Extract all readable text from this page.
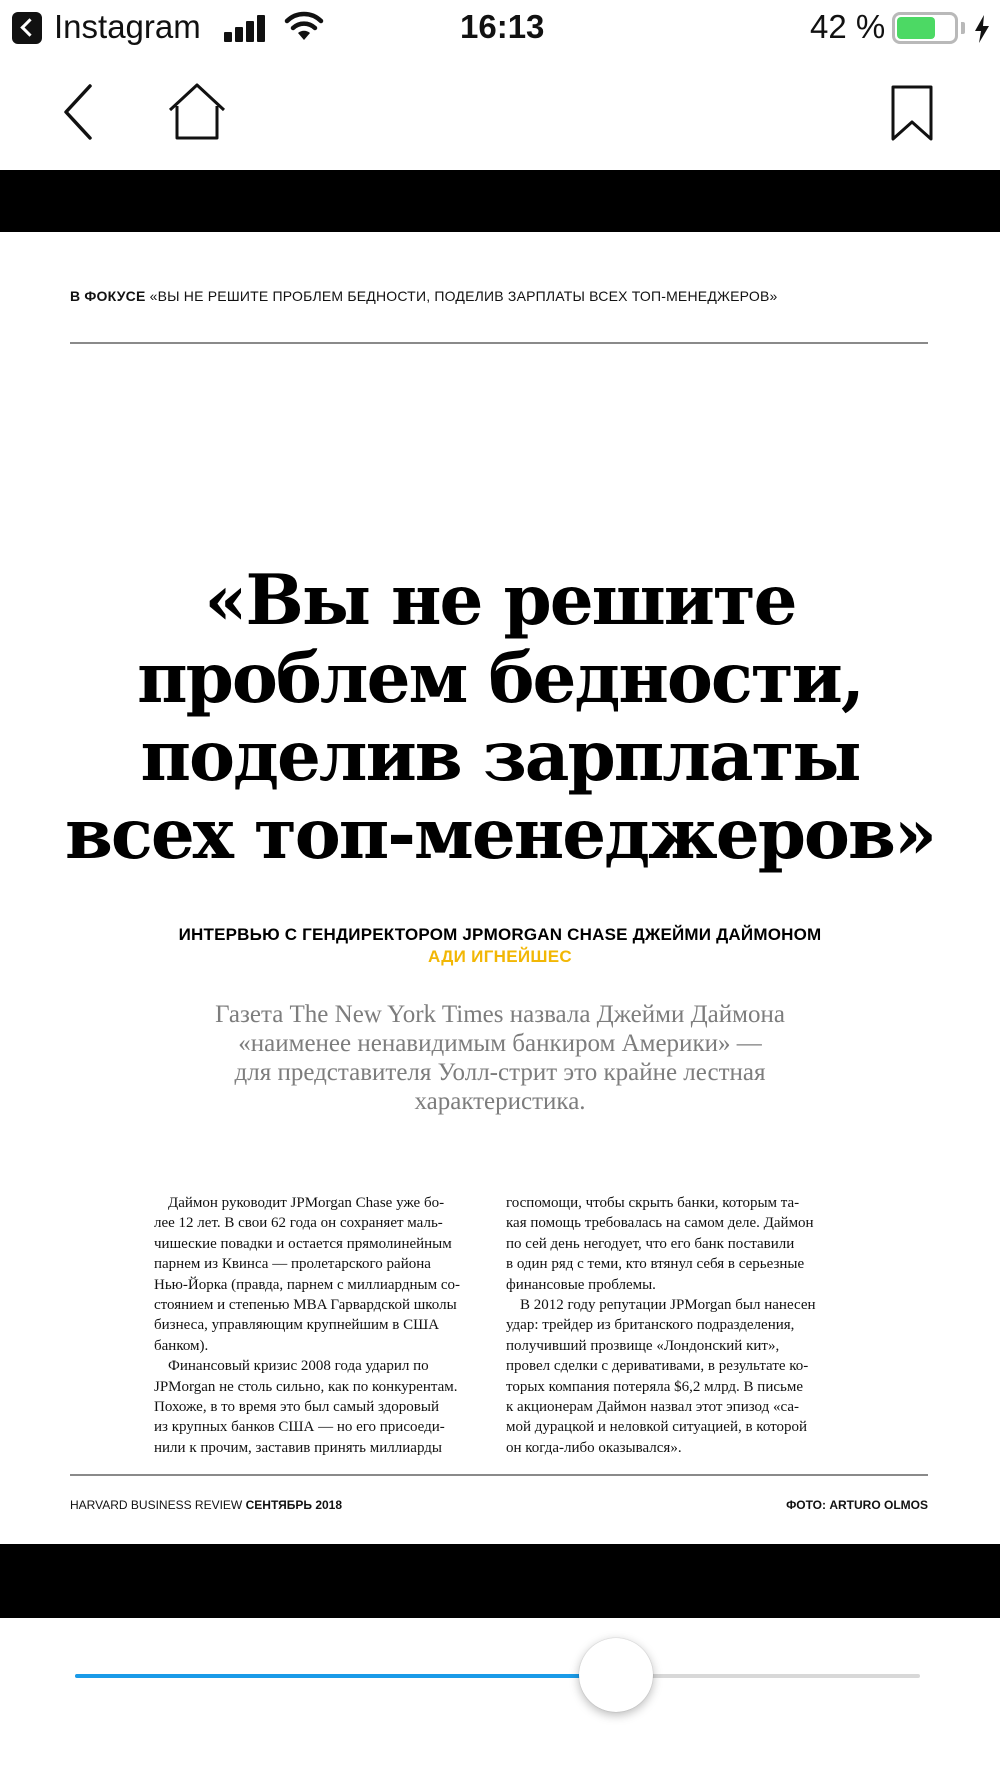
Instagram	16:13	42 %
В ФОКУСЕ «ВЫ НЕ РЕШИТЕ ПРОБЛЕМ БЕДНОСТИ, ПОДЕЛИВ ЗАРПЛАТЫ ВСЕХ ТОП-МЕНЕДЖЕРОВ»
«Вы не решите
проблем бедности,
поделив зарплаты
всех топ-менеджеров»
ИНТЕРВЬЮ С ГЕНДИРЕКТОРОМ JPMORGAN CHASE ДЖЕЙМИ ДАЙМОНОМ
АДИ ИГНЕЙШЕС
Газета The New York Times назвала Джейми Даймона
«наименее ненавидимым банкиром Америки» —
для представителя Уолл-стрит это крайне лестная
характеристика.
Даймон руководит JPMorgan Chase уже бо-
лее 12 лет. В свои 62 года он сохраняет маль-
чишеские повадки и остается прямолинейным
парнем из Квинса — пролетарского района
Нью-Йорка (правда, парнем с миллиардным со-
стоянием и степенью MBA Гарвардской школы
бизнеса, управляющим крупнейшим в США
банком).
Финансовый кризис 2008 года ударил по
JPMorgan не столь сильно, как по конкурентам.
Похоже, в то время это был самый здоровый
из крупных банков США — но его присоеди-
нили к прочим, заставив принять миллиарды
госпомощи, чтобы скрыть банки, которым та-
кая помощь требовалась на самом деле. Даймон
по сей день негодует, что его банк поставили
в один ряд с теми, кто втянул себя в серьезные
финансовые проблемы.
В 2012 году репутации JPMorgan был нанесен
удар: трейдер из британского подразделения,
получивший прозвище «Лондонский кит»,
провел сделки с деривативами, в результате ко-
торых компания потеряла $6,2 млрд. В письме
к акционерам Даймон назвал этот эпизод «са-
мой дурацкой и неловкой ситуацией, в которой
он когда-либо оказывался».
HARVARD BUSINESS REVIEW СЕНТЯБРЬ 2018	ФОТО: ARTURO OLMOS
